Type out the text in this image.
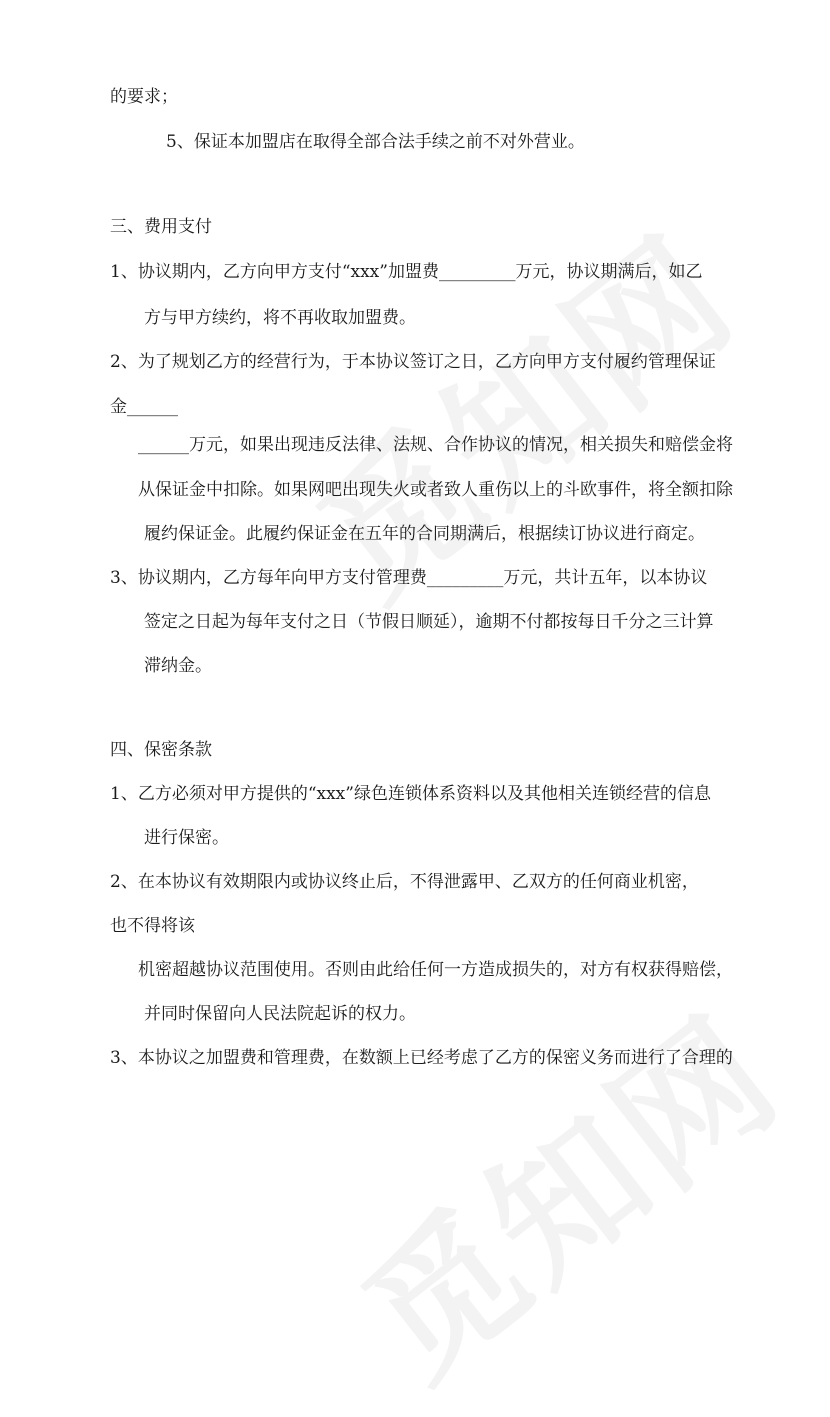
的要求；
5、保证本加盟店在取得全部合法手续之前不对外营业。
三、费用支付
1、协议期内，乙方向甲方支付“xxx”加盟费_________万元，协议期满后，如乙
方与甲方续约，将不再收取加盟费。
2、为了规划乙方的经营行为，于本协议签订之日，乙方向甲方支付履约管理保证
金______
______万元，如果出现违反法律、法规、合作协议的情况，相关损失和赔偿金将
从保证金中扣除。如果网吧出现失火或者致人重伤以上的斗欧事件，将全额扣除
履约保证金。此履约保证金在五年的合同期满后，根据续订协议进行商定。
3、协议期内，乙方每年向甲方支付管理费_________万元，共计五年，以本协议
签定之日起为每年支付之日（节假日顺延），逾期不付都按每日千分之三计算
滞纳金。
四、保密条款
1、乙方必须对甲方提供的“xxx”绿色连锁体系资料以及其他相关连锁经营的信息
进行保密。
2、在本协议有效期限内或协议终止后，不得泄露甲、乙双方的任何商业机密，
也不得将该
机密超越协议范围使用。否则由此给任何一方造成损失的，对方有权获得赔偿，
并同时保留向人民法院起诉的权力。
3、本协议之加盟费和管理费，在数额上已经考虑了乙方的保密义务而进行了合理的
